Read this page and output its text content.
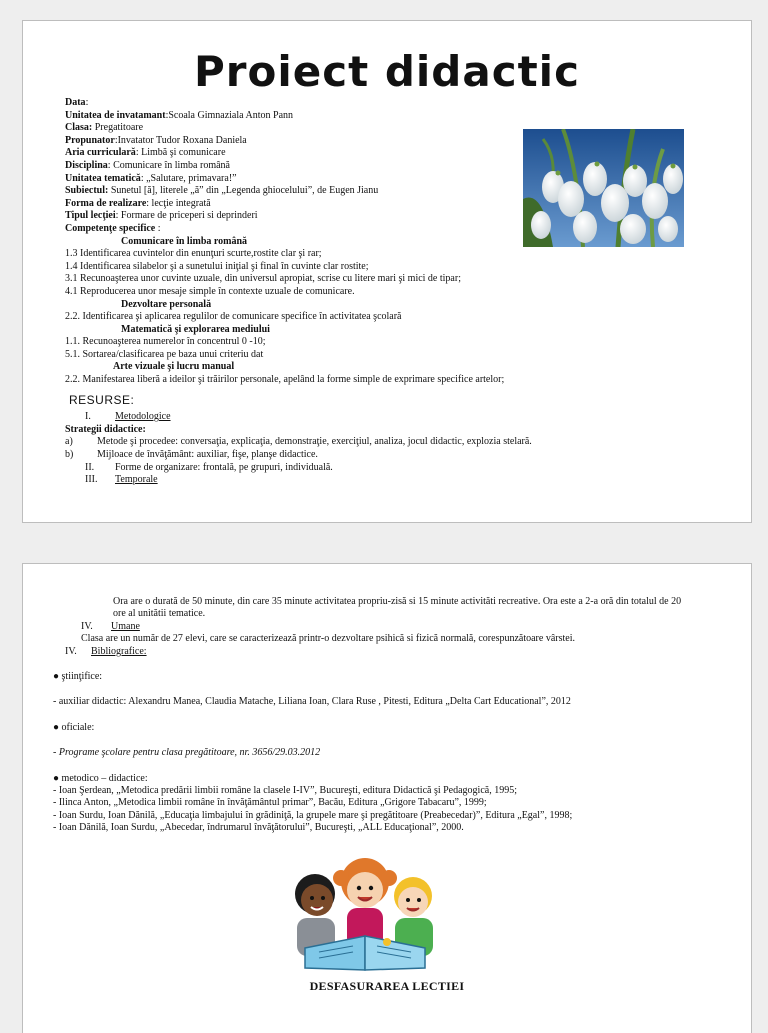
Proiect didactic
Data:
Unitatea de invatamant:Scoala Gimnaziala Anton Pann
Clasa: Pregatitoare
Propunator:Invatator Tudor Roxana Daniela
Aria curriculară: Limbă şi comunicare
Disciplina: Comunicare în limba română
Unitatea tematică: „Salutare, primavara!”
Subiectul: Sunetul [ă], literele „ă” din „Legenda ghiocelului”, de Eugen Jianu
Forma de realizare: lecţie integrată
Tipul lecţiei: Formare de priceperi si deprinderi
Competenţe specifice :
Comunicare în limba română
1.3 Identificarea cuvintelor din enunţuri scurte,rostite clar şi rar;
1.4 Identificarea silabelor şi a sunetului iniţial şi final în cuvinte clar rostite;
3.1 Recunoaşterea unor cuvinte uzuale, din universul apropiat, scrise cu litere mari şi mici de tipar;
4.1 Reproducerea unor mesaje simple în contexte uzuale de comunicare.
Dezvoltare personală
2.2. Identificarea şi aplicarea regulilor de comunicare specifice în activitatea şcolară
Matematică şi explorarea mediului
1.1. Recunoaşterea numerelor în concentrul 0 -10;
5.1. Sortarea/clasificarea pe baza unui criteriu dat
Arte vizuale şi lucru manual
2.2. Manifestarea liberă a ideilor şi trăirilor personale, apelând la forme simple de exprimare specifice artelor;
RESURSE:
I.	Metodologice
Strategii didactice :
a)	Metode şi procedee: conversaţia, explicaţia, demonstraţie, exerciţiul, analiza, jocul didactic, explozia stelară.
b)	Mijloace de învăţământ: auxiliar, fişe, planşe didactice.
II.	Forme de organizare: frontală, pe grupuri, individuală.
III.	Temporale
Ora are o durată de 50 minute, din care 35 minute activitatea propriu-zisă si 15 minute activităti recreative. Ora este a 2-a oră din totalul de 20
ore al unitătii tematice.
IV. Umane
Clasa are un număr de 27 elevi, care se caracterizează printr-o dezvoltare psihică si fizică normală, corespunzătoare vârstei.
IV. Bibliografice:
● ştiinţifice:
- auxiliar didactic: Alexandru Manea, Claudia Matache, Liliana Ioan, Clara Ruse , Pitesti, Editura „Delta Cart Educational”, 2012
● oficiale:
- Programe şcolare pentru clasa pregătitoare, nr. 3656/29.03.2012
● metodico – didactice:
- Ioan Şerdean, „Metodica predării limbii române la clasele I-IV”, Bucureşti, editura Didactică şi Pedagogică, 1995;
- Ilinca Anton, „Metodica limbii române în învăţământul primar”, Bacău, Editura „Grigore Tabacaru”, 1999;
- Ioan Surdu, Ioan Dănilă, „Educaţia limbajului în grădiniţă, la grupele mare şi pregătitoare (Preabecedar)”, Editura „Egal”, 1998;
- Ioan Dănilă, Ioan Surdu, „Abecedar, îndrumarul învăţătorului”, Bucureşti, „ALL Educaţional”, 2000.
DESFASURAREA LECTIEI
